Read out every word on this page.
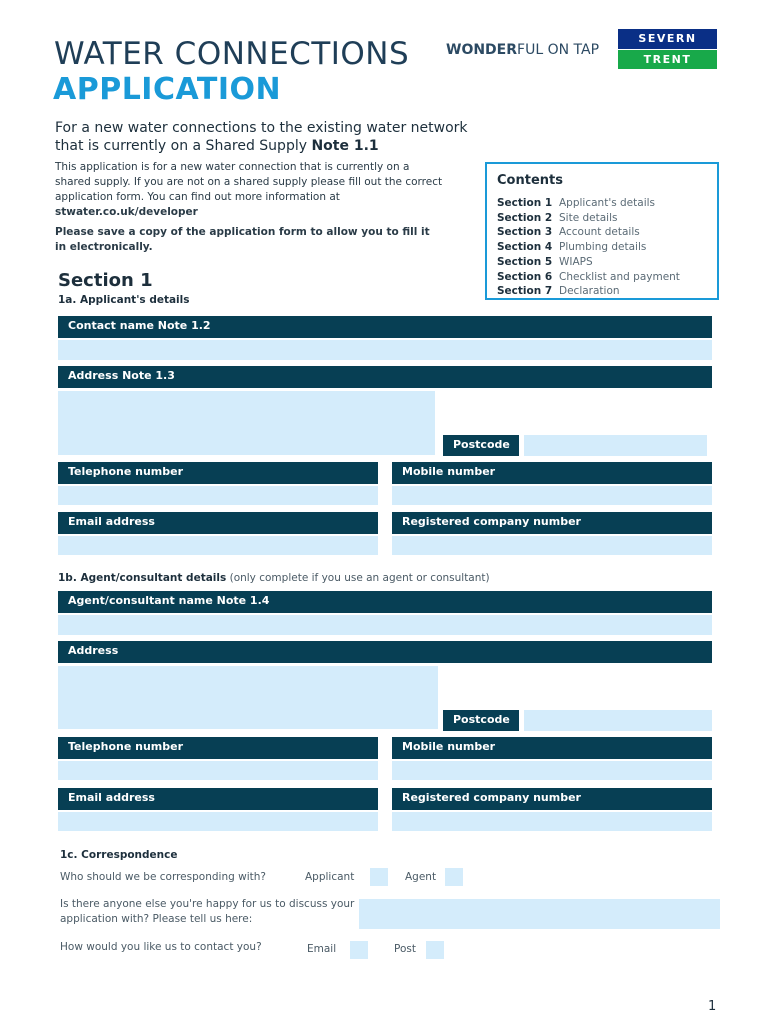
WATER CONNECTIONS
APPLICATION
WONDERFUL ON TAP
SEVERN
TRENT
For a new water connections to the existing water network that is currently on a Shared Supply Note 1.1
This application is for a new water connection that is currently on a shared supply. If you are not on a shared supply please fill out the correct application form. You can find out more information at stwater.co.uk/developer
Please save a copy of the application form to allow you to fill it in electronically.
Contents
Section 1 Applicant's details
Section 2 Site details
Section 3 Account details
Section 4 Plumbing details
Section 5 WIAPS
Section 6 Checklist and payment
Section 7 Declaration
Section 1
1a. Applicant's details
Contact name Note 1.2
Address Note 1.3
Postcode
Telephone number	Mobile number
Email address	Registered company number
1b. Agent/consultant details (only complete if you use an agent or consultant)
Agent/consultant name Note 1.4
Address
Postcode
Telephone number	Mobile number
Email address	Registered company number
1c. Correspondence
Who should we be corresponding with?	Applicant	Agent
Is there anyone else you're happy for us to discuss your application with? Please tell us here:
How would you like us to contact you?	Email	Post
1
